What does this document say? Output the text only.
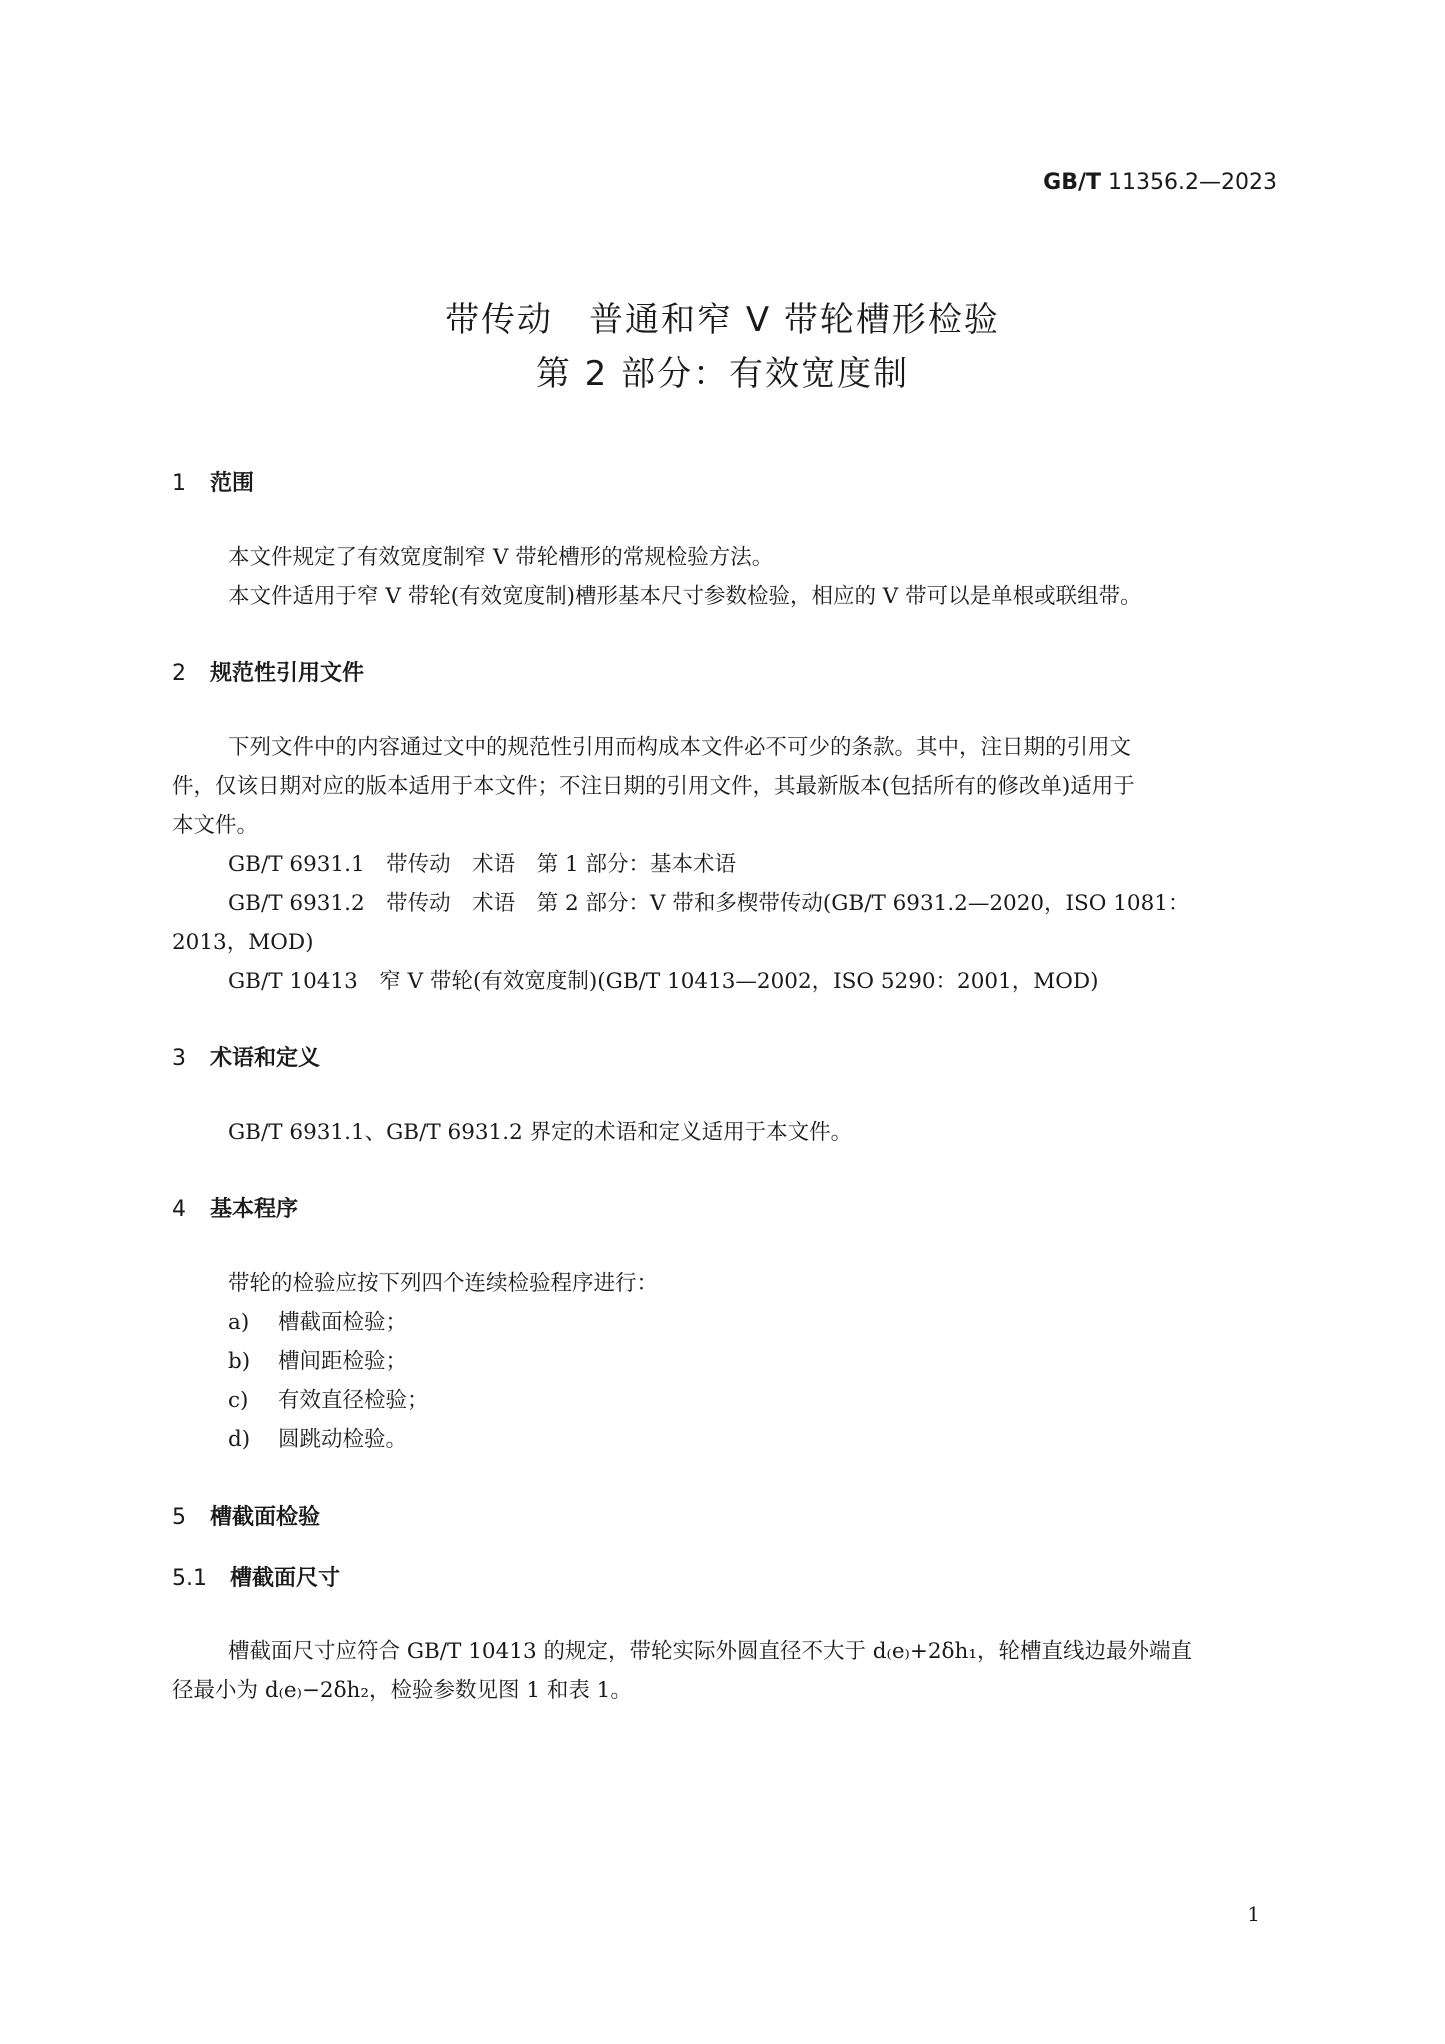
GB/T 11356.2—2023
带传动　普通和窄 V 带轮槽形检验
第 2 部分：有效宽度制
1 范围
本文件规定了有效宽度制窄 V 带轮槽形的常规检验方法。
本文件适用于窄 V 带轮(有效宽度制)槽形基本尺寸参数检验，相应的 V 带可以是单根或联组带。
2 规范性引用文件
下列文件中的内容通过文中的规范性引用而构成本文件必不可少的条款。其中，注日期的引用文
件，仅该日期对应的版本适用于本文件；不注日期的引用文件，其最新版本(包括所有的修改单)适用于
本文件。
GB/T 6931.1　带传动　术语　第 1 部分：基本术语
GB/T 6931.2　带传动　术语　第 2 部分：V 带和多楔带传动(GB/T 6931.2—2020，ISO 1081：
2013，MOD)
GB/T 10413　窄 V 带轮(有效宽度制)(GB/T 10413—2002，ISO 5290：2001，MOD)
3 术语和定义
GB/T 6931.1、GB/T 6931.2 界定的术语和定义适用于本文件。
4 基本程序
带轮的检验应按下列四个连续检验程序进行：
a) 槽截面检验；
b) 槽间距检验；
c) 有效直径检验；
d) 圆跳动检验。
5 槽截面检验
5.1 槽截面尺寸
槽截面尺寸应符合 GB/T 10413 的规定，带轮实际外圆直径不大于 d₍e₎+2δh₁，轮槽直线边最外端直
径最小为 d₍e₎−2δh₂，检验参数见图 1 和表 1。
1
